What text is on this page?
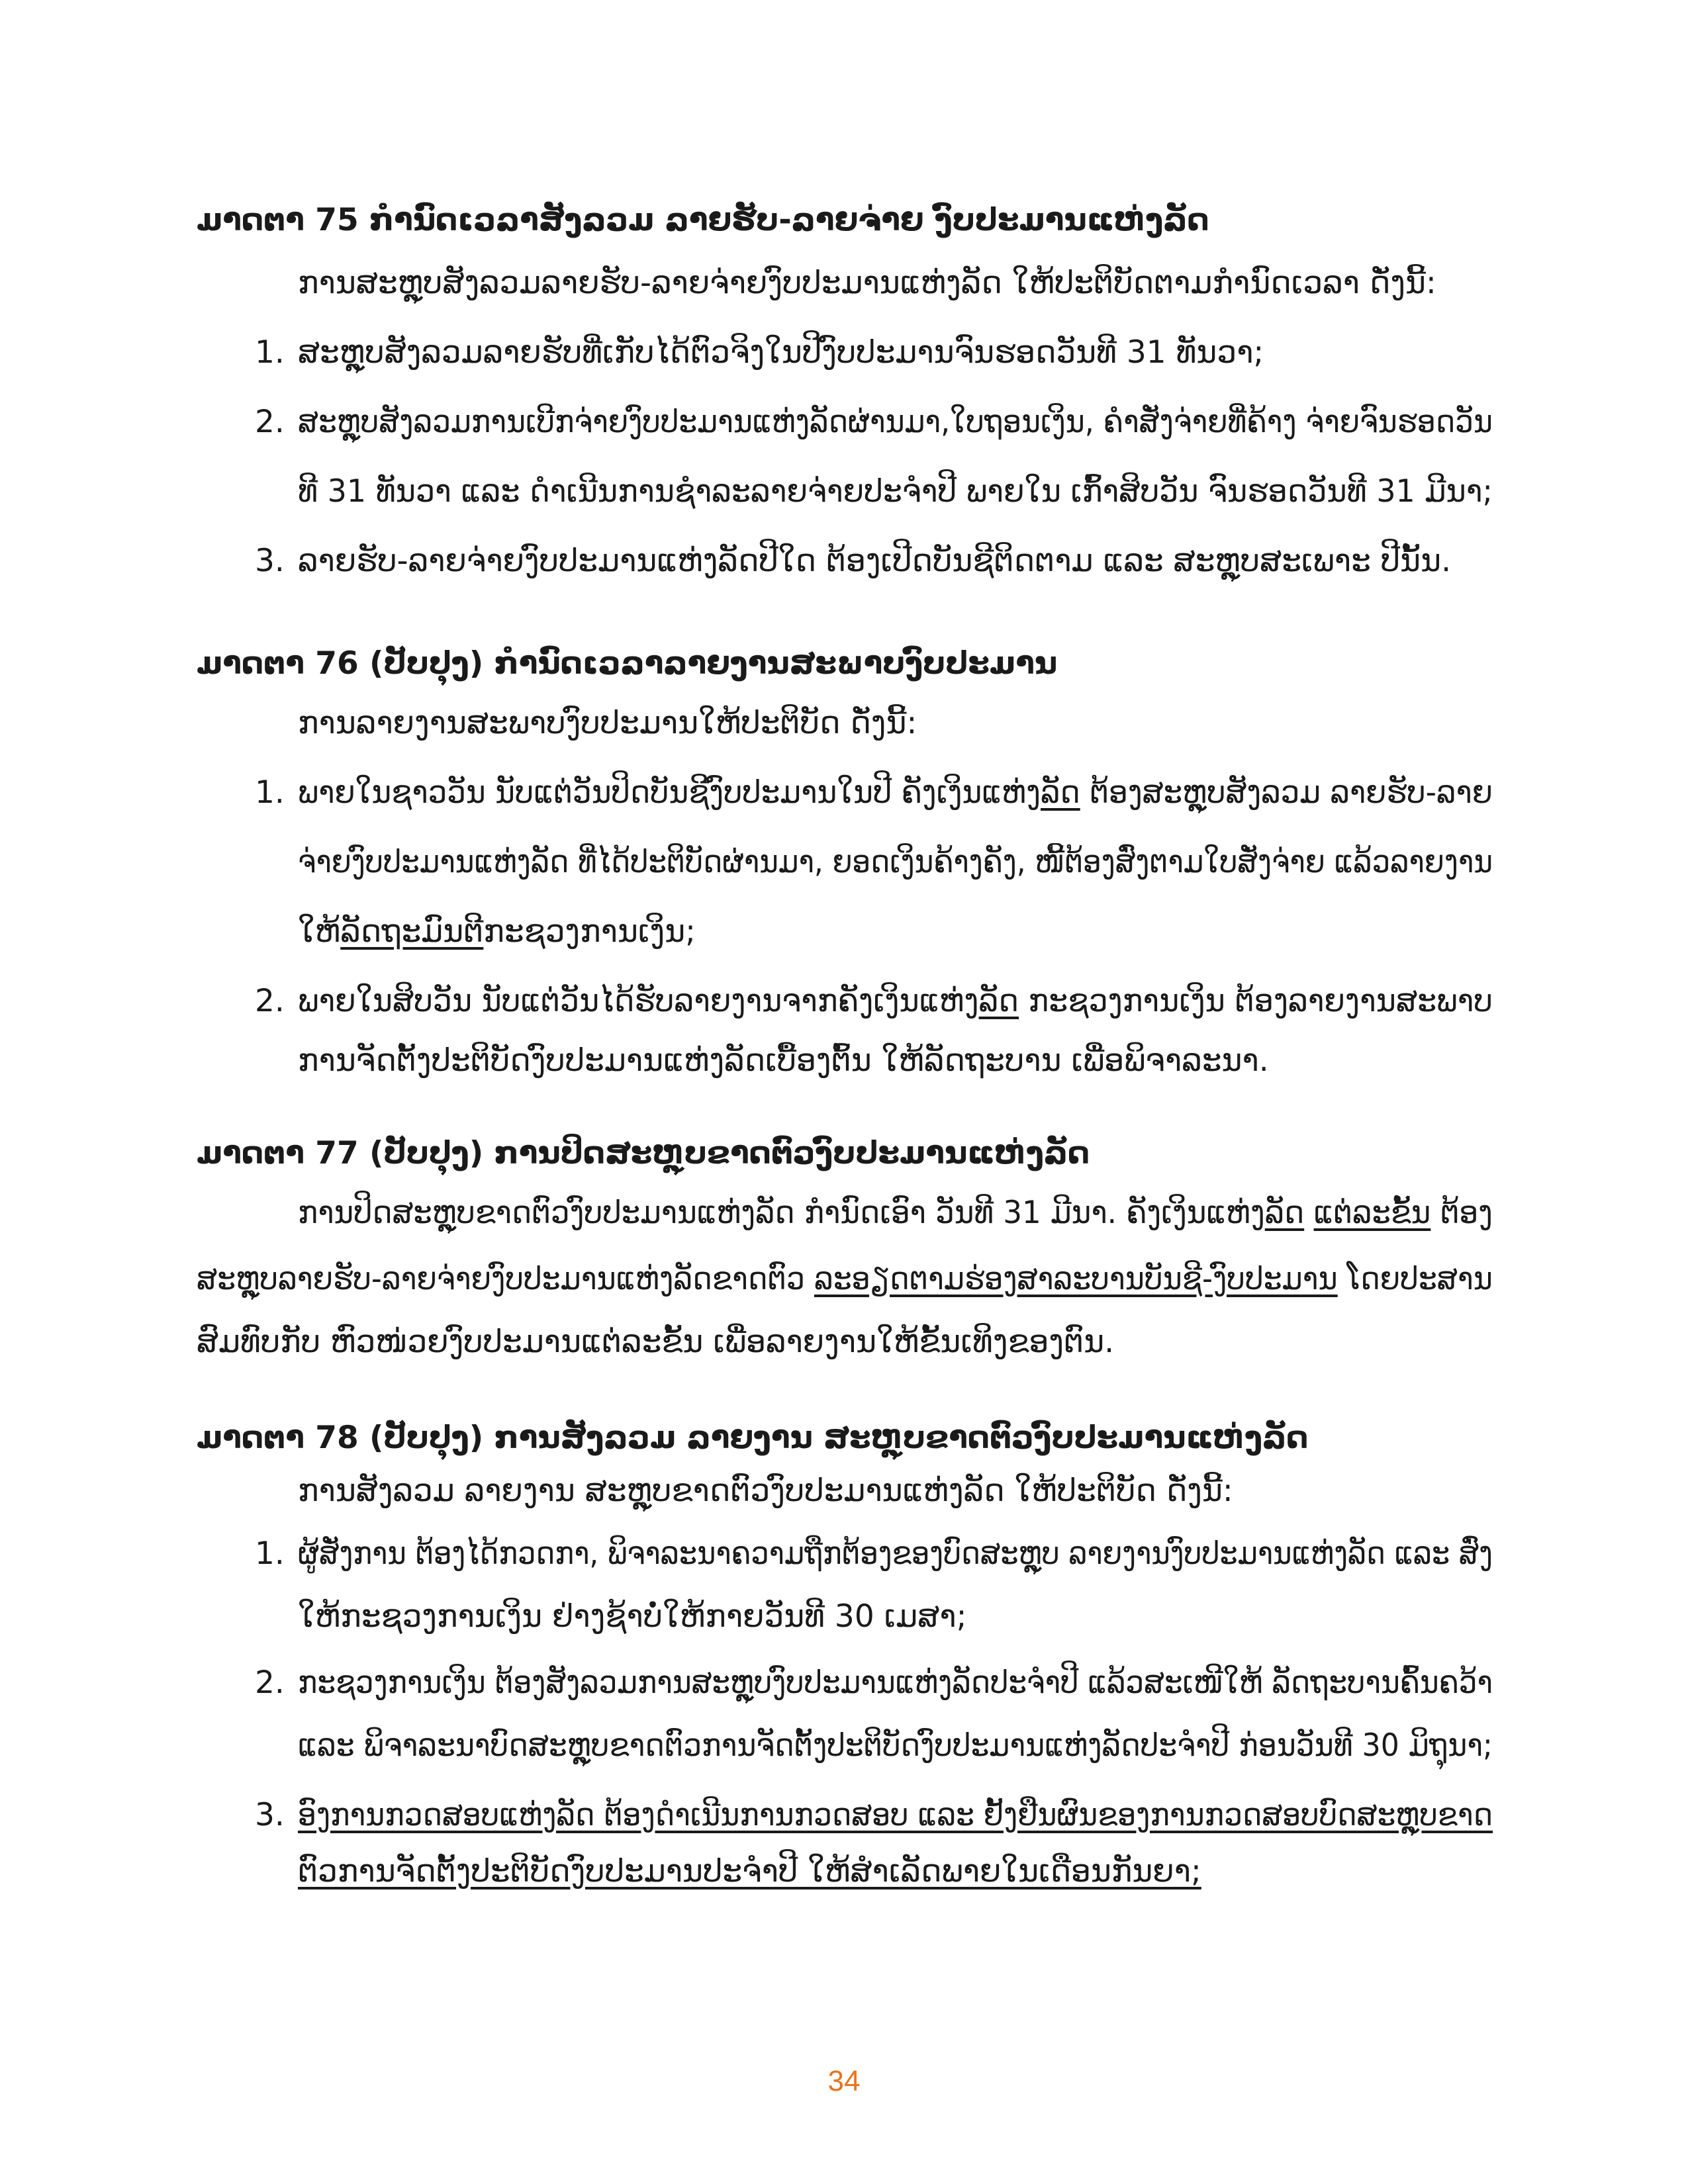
ມາດຕາ 75 ກຳນົດເວລາສັງລວມ ລາຍຮັບ-ລາຍຈ່າຍ ງົບປະມານແຫ່ງລັດ
ການສະຫຼຸບສັງລວມລາຍຮັບ-ລາຍຈ່າຍງົບປະມານແຫ່ງລັດ ໃຫ້ປະຕິບັດຕາມກຳນົດເວລາ ດັ່ງນີ້:
1. ສະຫຼຸບສັງລວມລາຍຮັບທີ່ເກັບໄດ້ຕົວຈິງໃນປີງົບປະມານຈົນຮອດວັນທີ 31 ທັນວາ;
2. ສະຫຼຸບສັງລວມການເບີກຈ່າຍງົບປະມານແຫ່ງລັດຜ່ານມາ,ໃບຖອນເງິນ, ຄຳສັ່ງຈ່າຍທີ່ຄ້າງ ຈ່າຍຈົນຮອດວັນ
ທີ 31 ທັນວາ ແລະ ດຳເນີນການຊຳລະລາຍຈ່າຍປະຈຳປີ ພາຍໃນ ເກົ້າສິບວັນ ຈົນຮອດວັນທີ 31 ມີນາ;
3. ລາຍຮັບ-ລາຍຈ່າຍງົບປະມານແຫ່ງລັດປີໃດ ຕ້ອງເປີດບັນຊີຕິດຕາມ ແລະ ສະຫຼຸບສະເພາະ ປີນັ້ນ.
ມາດຕາ 76 (ປັບປຸງ) ກຳນົດເວລາລາຍງານສະພາບງົບປະມານ
ການລາຍງານສະພາບງົບປະມານໃຫ້ປະຕິບັດ ດັ່ງນີ້:
1. ພາຍໃນຊາວວັນ ນັບແຕ່ວັນປິດບັນຊີງົບປະມານໃນປີ ຄັງເງິນແຫ່ງລັດ ຕ້ອງສະຫຼຸບສັງລວມ ລາຍຮັບ-ລາຍ
ຈ່າຍງົບປະມານແຫ່ງລັດ ທີ່ໄດ້ປະຕິບັດຜ່ານມາ, ຍອດເງິນຄ້າງຄັງ, ໜີ້ຕ້ອງສົ່ງຕາມໃບສັ່ງຈ່າຍ ແລ້ວລາຍງານ
ໃຫ້ລັດຖະມົນຕີກະຊວງການເງິນ;
2. ພາຍໃນສິບວັນ ນັບແຕ່ວັນໄດ້ຮັບລາຍງານຈາກຄັງເງິນແຫ່ງລັດ ກະຊວງການເງິນ ຕ້ອງລາຍງານສະພາບ
ການຈັດຕັ້ງປະຕິບັດງົບປະມານແຫ່ງລັດເບື້ອງຕົ້ນ ໃຫ້ລັດຖະບານ ເພື່ອພິຈາລະນາ.
ມາດຕາ 77 (ປັບປຸງ) ການປິດສະຫຼຸບຂາດຕົວງົບປະມານແຫ່ງລັດ
ການປິດສະຫຼຸບຂາດຕົວງົບປະມານແຫ່ງລັດ ກຳນົດເອົາ ວັນທີ 31 ມີນາ. ຄັງເງິນແຫ່ງລັດ ແຕ່ລະຂັ້ນ ຕ້ອງ
ສະຫຼຸບລາຍຮັບ-ລາຍຈ່າຍງົບປະມານແຫ່ງລັດຂາດຕົວ ລະອຽດຕາມຮ່ອງສາລະບານບັນຊີ-ງົບປະມານ ໂດຍປະສານ
ສົມທົບກັບ ຫົວໜ່ວຍງົບປະມານແຕ່ລະຂັ້ນ ເພື່ອລາຍງານໃຫ້ຂັ້ນເທິງຂອງຕົນ.
ມາດຕາ 78 (ປັບປຸງ) ການສັງລວມ ລາຍງານ ສະຫຼຸບຂາດຕົວງົບປະມານແຫ່ງລັດ
ການສັງລວມ ລາຍງານ ສະຫຼຸບຂາດຕົວງົບປະມານແຫ່ງລັດ ໃຫ້ປະຕິບັດ ດັ່ງນີ້:
1. ຜູ້ສັ່ງການ ຕ້ອງໄດ້ກວດກາ, ພິຈາລະນາຄວາມຖືກຕ້ອງຂອງບົດສະຫຼຸບ ລາຍງານງົບປະມານແຫ່ງລັດ ແລະ ສົ່ງ
ໃຫ້ກະຊວງການເງິນ ຢ່າງຊ້າບໍ່ໃຫ້ກາຍວັນທີ 30 ເມສາ;
2. ກະຊວງການເງິນ ຕ້ອງສັງລວມການສະຫຼຸບງົບປະມານແຫ່ງລັດປະຈຳປີ ແລ້ວສະເໜີໃຫ້ ລັດຖະບານຄົ້ນຄວ້າ
ແລະ ພິຈາລະນາບົດສະຫຼຸບຂາດຕົວການຈັດຕັ້ງປະຕິບັດງົບປະມານແຫ່ງລັດປະຈຳປີ ກ່ອນວັນທີ 30 ມິຖຸນາ;
3. ອົງການກວດສອບແຫ່ງລັດ ຕ້ອງດຳເນີນການກວດສອບ ແລະ ຢັ້ງຢືນຜົນຂອງການກວດສອບບົດສະຫຼຸບຂາດ
ຕົວການຈັດຕັ້ງປະຕິບັດງົບປະມານປະຈຳປີ ໃຫ້ສຳເລັດພາຍໃນເດືອນກັນຍາ;
34
